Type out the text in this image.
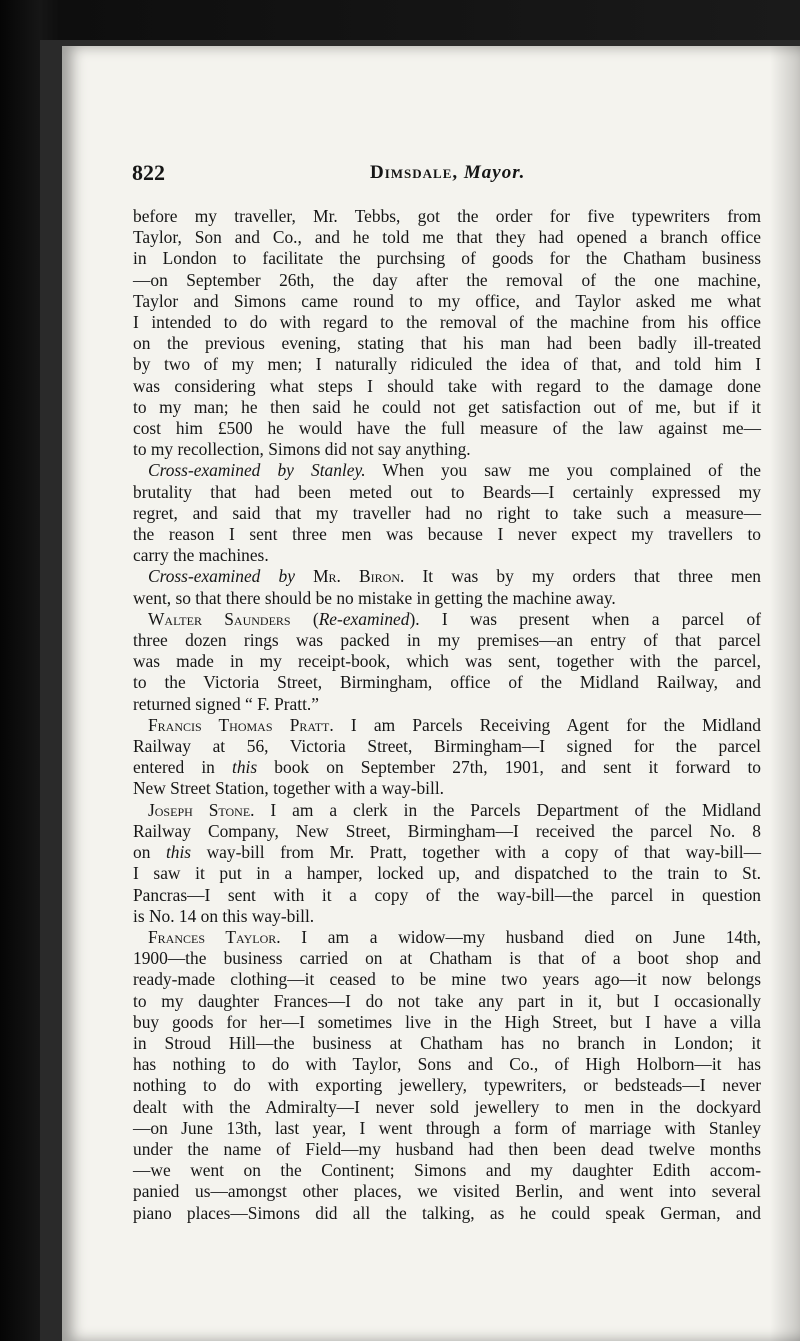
822	Dimsdale, Mayor.
before my traveller, Mr. Tebbs, got the order for five typewriters from
Taylor, Son and Co., and he told me that they had opened a branch office
in London to facilitate the purchsing of goods for the Chatham business
—on September 26th, the day after the removal of the one machine,
Taylor and Simons came round to my office, and Taylor asked me what
I intended to do with regard to the removal of the machine from his office
on the previous evening, stating that his man had been badly ill-treated
by two of my men; I naturally ridiculed the idea of that, and told him I
was considering what steps I should take with regard to the damage done
to my man; he then said he could not get satisfaction out of me, but if it
cost him £500 he would have the full measure of the law against me—
to my recollection, Simons did not say anything.
Cross-examined by Stanley. When you saw me you complained of the
brutality that had been meted out to Beards—I certainly expressed my
regret, and said that my traveller had no right to take such a measure—
the reason I sent three men was because I never expect my travellers to
carry the machines.
Cross-examined by Mr. Biron. It was by my orders that three men
went, so that there should be no mistake in getting the machine away.
Walter Saunders (Re-examined). I was present when a parcel of
three dozen rings was packed in my premises—an entry of that parcel
was made in my receipt-book, which was sent, together with the parcel,
to the Victoria Street, Birmingham, office of the Midland Railway, and
returned signed “ F. Pratt.”
Francis Thomas Pratt. I am Parcels Receiving Agent for the Midland
Railway at 56, Victoria Street, Birmingham—I signed for the parcel
entered in this book on September 27th, 1901, and sent it forward to
New Street Station, together with a way-bill.
Joseph Stone. I am a clerk in the Parcels Department of the Midland
Railway Company, New Street, Birmingham—I received the parcel No. 8
on this way-bill from Mr. Pratt, together with a copy of that way-bill—
I saw it put in a hamper, locked up, and dispatched to the train to St.
Pancras—I sent with it a copy of the way-bill—the parcel in question
is No. 14 on this way-bill.
Frances Taylor. I am a widow—my husband died on June 14th,
1900—the business carried on at Chatham is that of a boot shop and
ready-made clothing—it ceased to be mine two years ago—it now belongs
to my daughter Frances—I do not take any part in it, but I occasionally
buy goods for her—I sometimes live in the High Street, but I have a villa
in Stroud Hill—the business at Chatham has no branch in London; it
has nothing to do with Taylor, Sons and Co., of High Holborn—it has
nothing to do with exporting jewellery, typewriters, or bedsteads—I never
dealt with the Admiralty—I never sold jewellery to men in the dockyard
—on June 13th, last year, I went through a form of marriage with Stanley
under the name of Field—my husband had then been dead twelve months
—we went on the Continent; Simons and my daughter Edith accom-
panied us—amongst other places, we visited Berlin, and went into several
piano places—Simons did all the talking, as he could speak German, and
